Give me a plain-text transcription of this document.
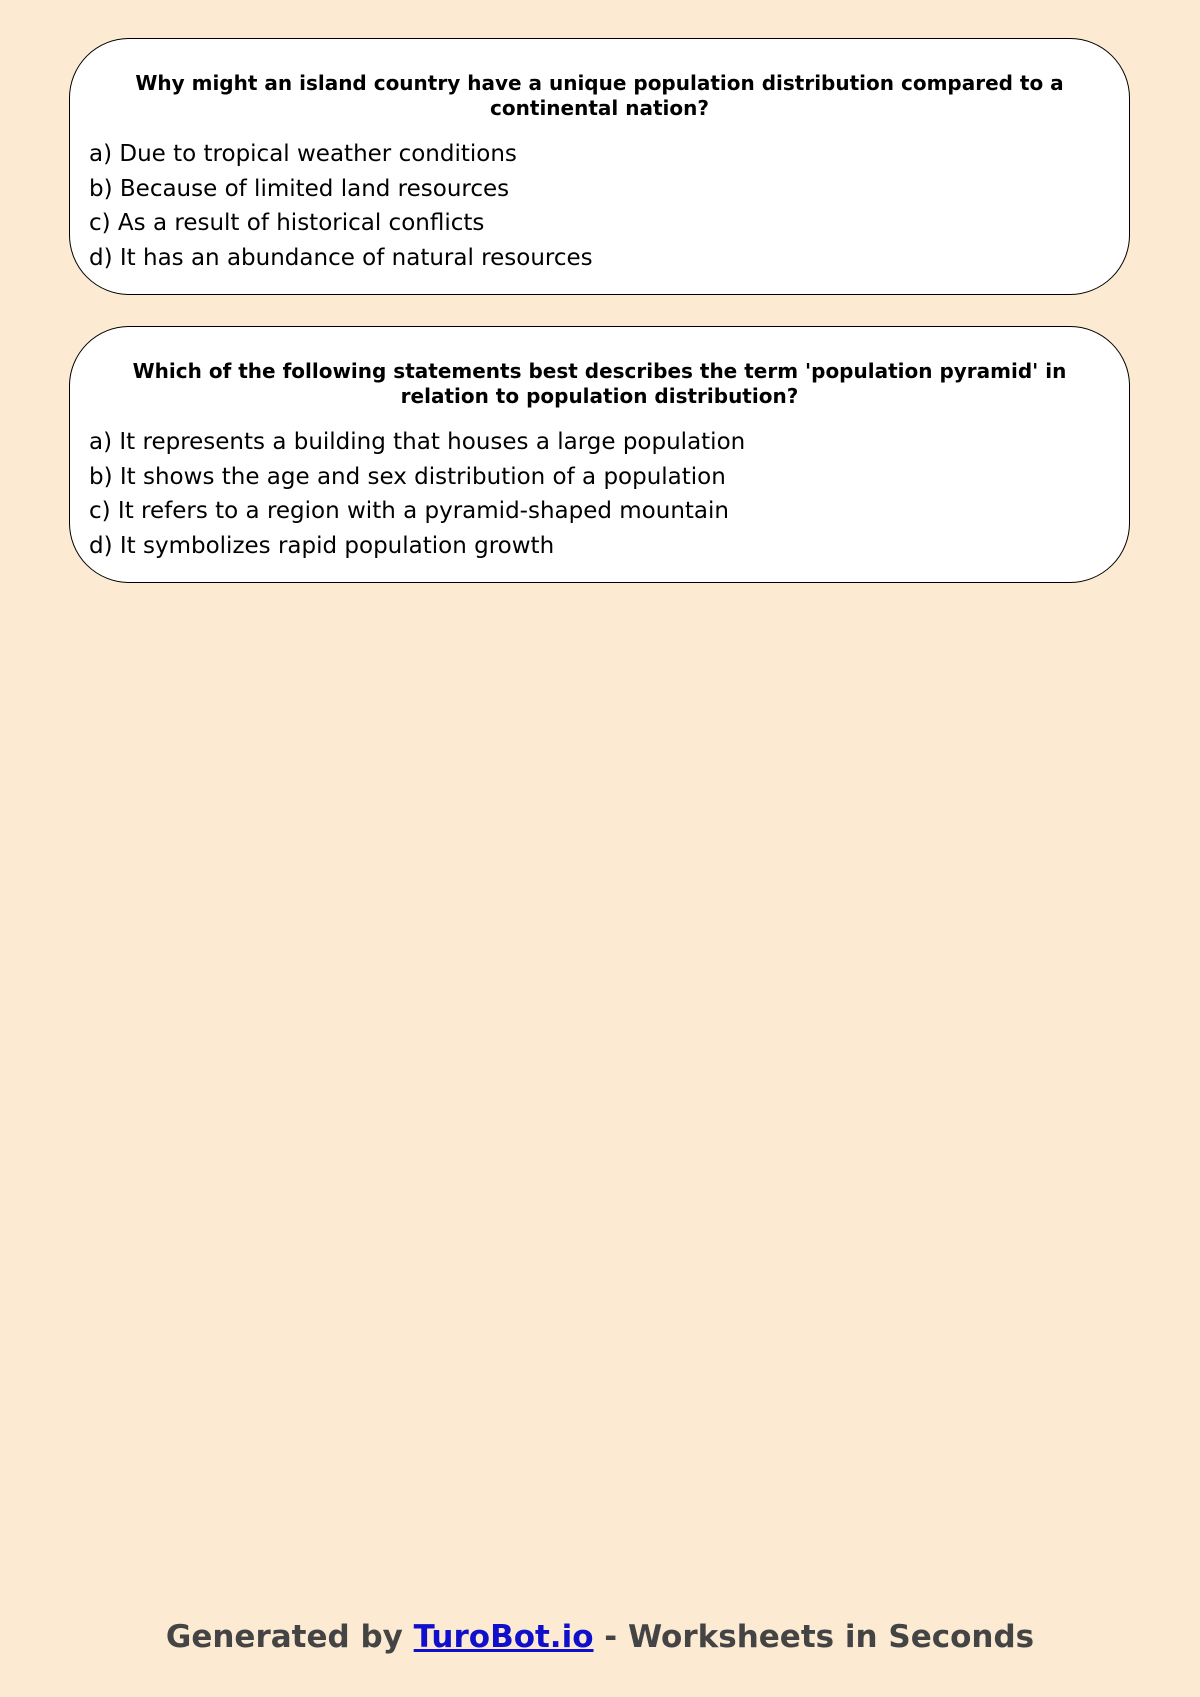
Why might an island country have a unique population distribution compared to a continental nation?
a) Due to tropical weather conditions
b) Because of limited land resources
c) As a result of historical conflicts
d) It has an abundance of natural resources
Which of the following statements best describes the term 'population pyramid' in relation to population distribution?
a) It represents a building that houses a large population
b) It shows the age and sex distribution of a population
c) It refers to a region with a pyramid-shaped mountain
d) It symbolizes rapid population growth
Generated by TuroBot.io - Worksheets in Seconds
